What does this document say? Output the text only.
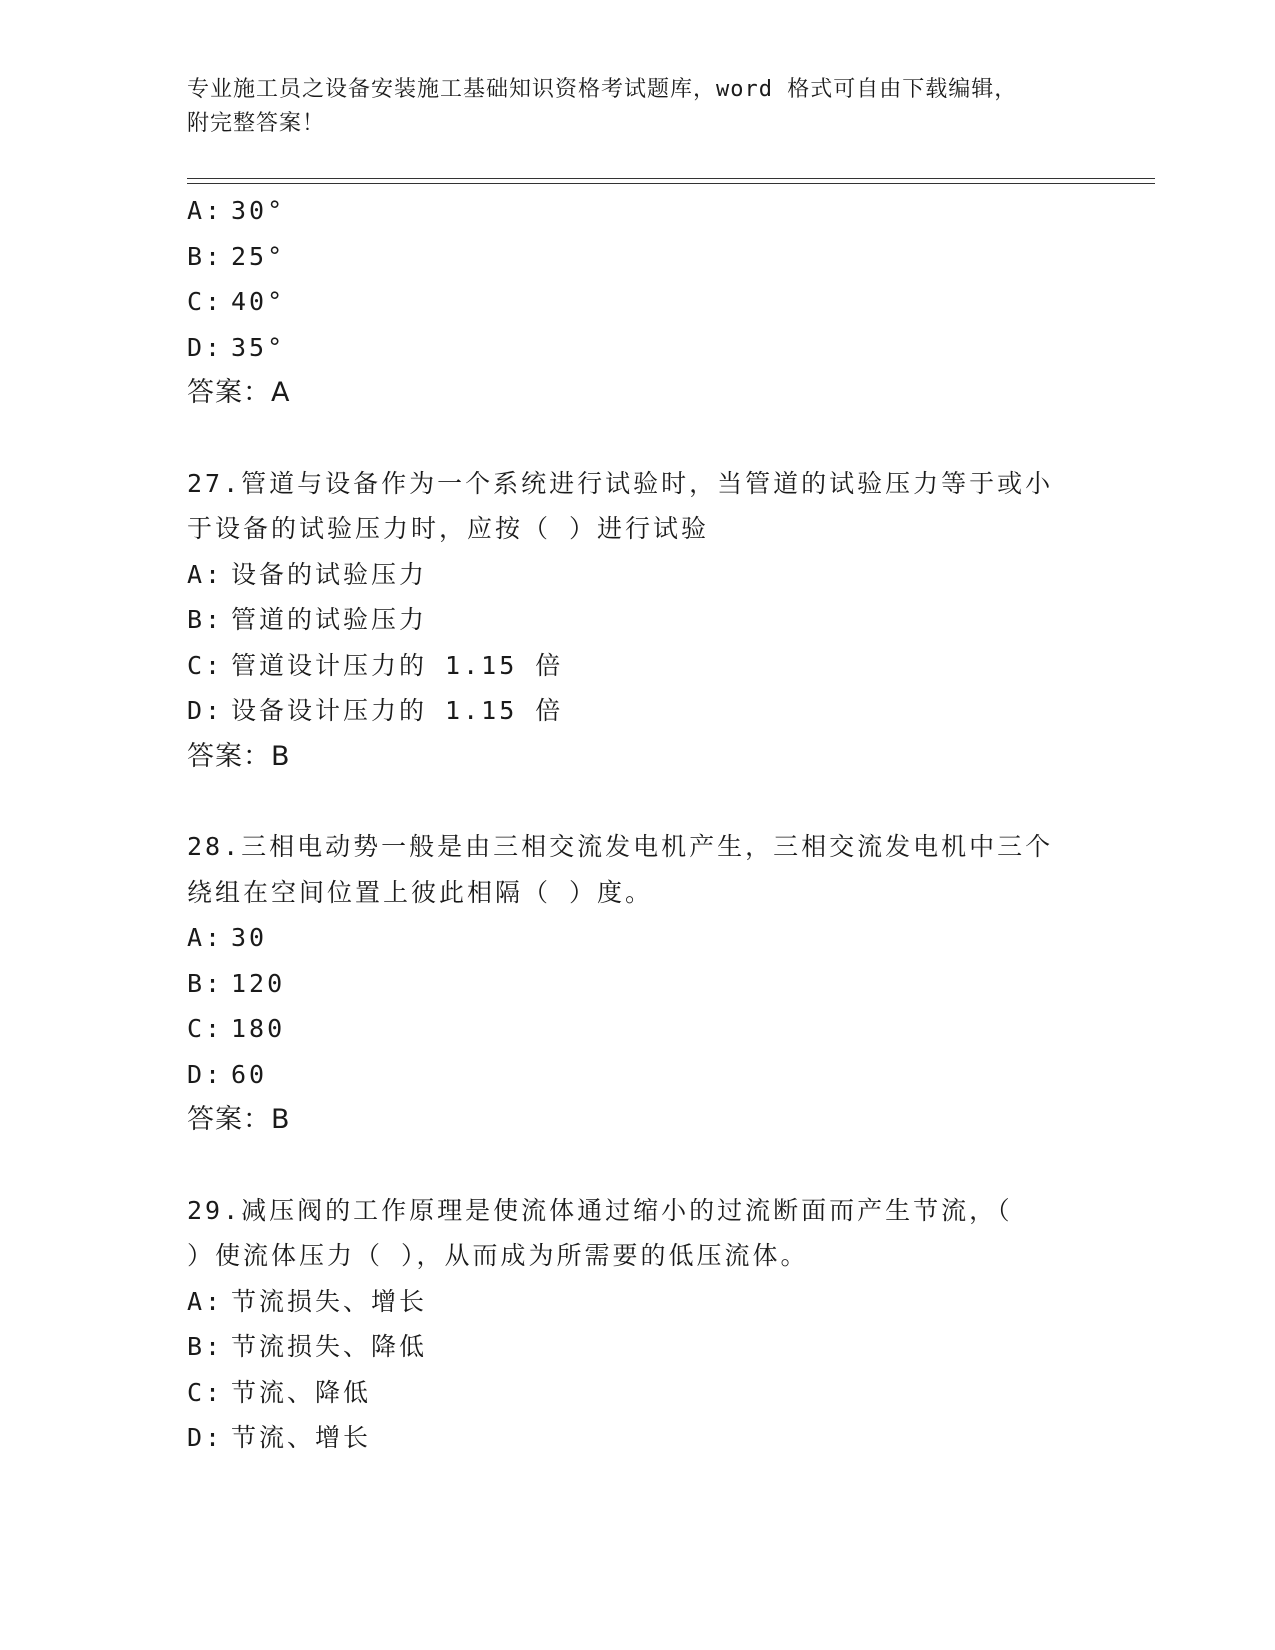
专业施工员之设备安装施工基础知识资格考试题库，word 格式可自由下载编辑，
附完整答案！
A: 30°
B: 25°
C: 40°
D: 35°
答案：A
27.管道与设备作为一个系统进行试验时，当管道的试验压力等于或小
于设备的试验压力时，应按（ ）进行试验
A: 设备的试验压力
B: 管道的试验压力
C: 管道设计压力的 1.15 倍
D: 设备设计压力的 1.15 倍
答案：B
28.三相电动势一般是由三相交流发电机产生，三相交流发电机中三个
绕组在空间位置上彼此相隔（ ）度。
A: 30
B: 120
C: 180
D: 60
答案：B
29.减压阀的工作原理是使流体通过缩小的过流断面而产生节流，（
）使流体压力（ ），从而成为所需要的低压流体。
A: 节流损失、增长
B: 节流损失、降低
C: 节流、降低
D: 节流、增长
